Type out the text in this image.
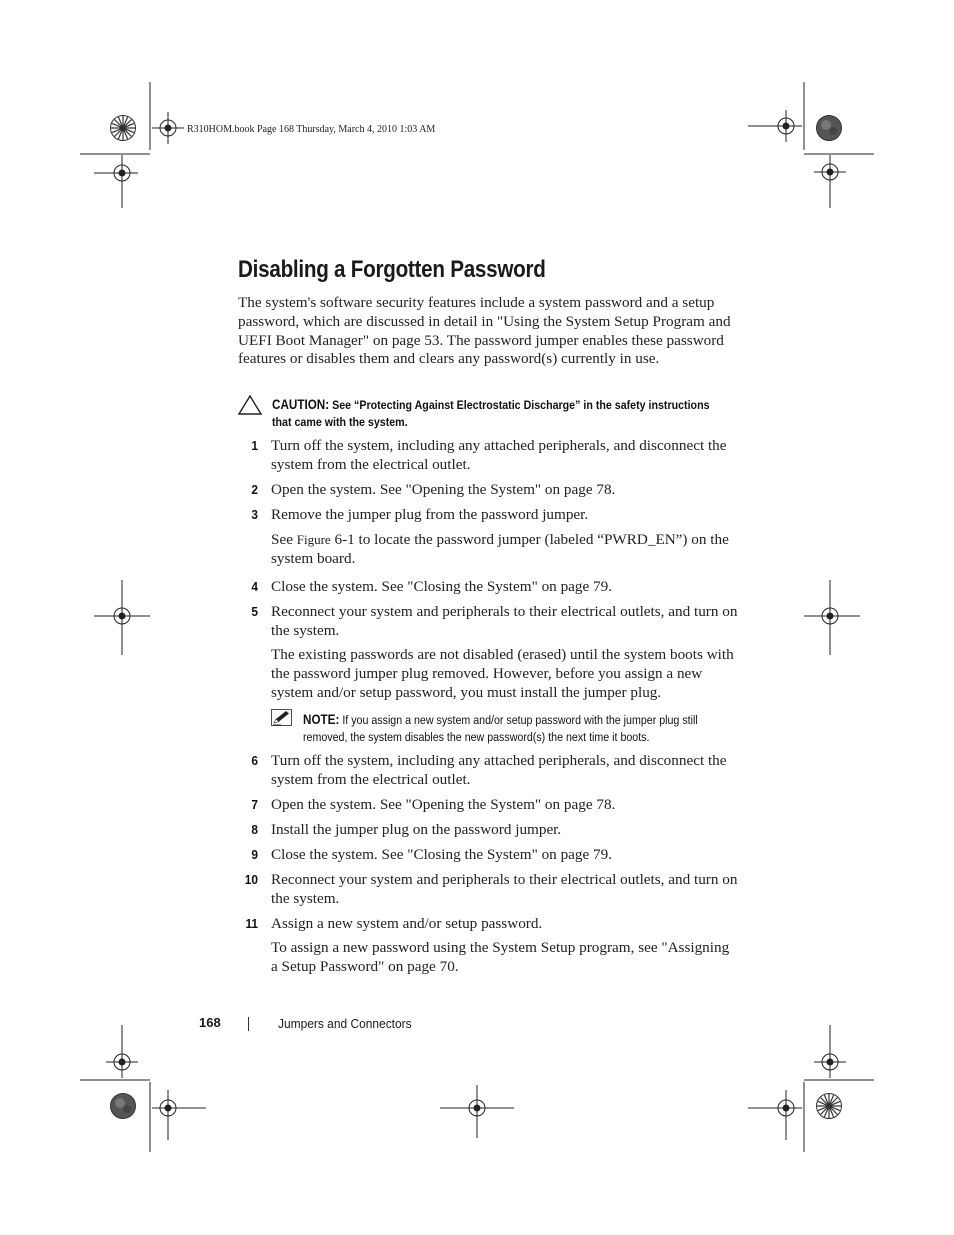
R310HOM.book Page 168 Thursday, March 4, 2010 1:03 AM
Disabling a Forgotten Password

The system's software security features include a system password and a setup password, which are discussed in detail in "Using the System Setup Program and UEFI Boot Manager" on page 53. The password jumper enables these password features or disables them and clears any password(s) currently in use.

CAUTION: See “Protecting Against Electrostatic Discharge” in the safety instructions that came with the system.

1 Turn off the system, including any attached peripherals, and disconnect the system from the electrical outlet.

2 Open the system. See "Opening the System" on page 78.

3 Remove the jumper plug from the password jumper.

See Figure 6-1 to locate the password jumper (labeled “PWRD_EN”) on the system board.

4 Close the system. See "Closing the System" on page 79.

5 Reconnect your system and peripherals to their electrical outlets, and turn on the system.

The existing passwords are not disabled (erased) until the system boots with the password jumper plug removed. However, before you assign a new system and/or setup password, you must install the jumper plug.

NOTE: If you assign a new system and/or setup password with the jumper plug still removed, the system disables the new password(s) the next time it boots.

6 Turn off the system, including any attached peripherals, and disconnect the system from the electrical outlet.

7 Open the system. See "Opening the System" on page 78.

8 Install the jumper plug on the password jumper.

9 Close the system. See "Closing the System" on page 79.

10 Reconnect your system and peripherals to their electrical outlets, and turn on the system.

11 Assign a new system and/or setup password.

To assign a new password using the System Setup program, see "Assigning a Setup Password" on page 70.

168	Jumpers and Connectors
